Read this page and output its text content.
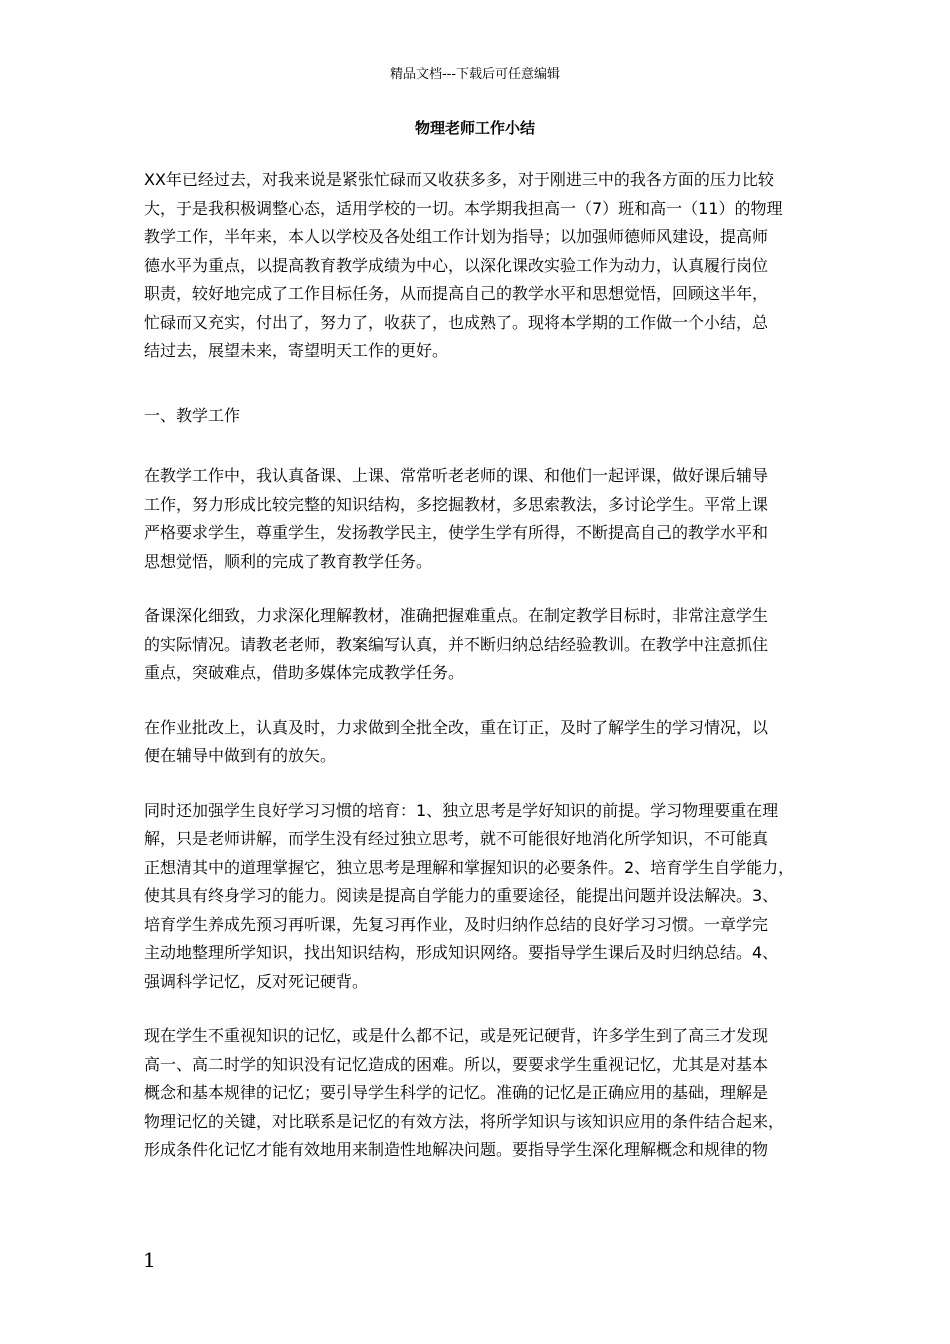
精品文档---下载后可任意编辑
物理老师工作小结
XX年已经过去，对我来说是紧张忙碌而又收获多多，对于刚进三中的我各方面的压力比较
大，于是我积极调整心态，适用学校的一切。本学期我担高一（7）班和高一（11）的物理
教学工作，半年来，本人以学校及各处组工作计划为指导；以加强师德师风建设，提高师
德水平为重点，以提高教育教学成绩为中心，以深化课改实验工作为动力，认真履行岗位
职责，较好地完成了工作目标任务，从而提高自己的教学水平和思想觉悟，回顾这半年，
忙碌而又充实，付出了，努力了，收获了，也成熟了。现将本学期的工作做一个小结，总
结过去，展望未来，寄望明天工作的更好。
一、教学工作
在教学工作中，我认真备课、上课、常常听老老师的课、和他们一起评课，做好课后辅导
工作，努力形成比较完整的知识结构，多挖掘教材，多思索教法，多讨论学生。平常上课
严格要求学生，尊重学生，发扬教学民主，使学生学有所得，不断提高自己的教学水平和
思想觉悟，顺利的完成了教育教学任务。
备课深化细致，力求深化理解教材，准确把握难重点。在制定教学目标时，非常注意学生
的实际情况。请教老老师，教案编写认真，并不断归纳总结经验教训。在教学中注意抓住
重点，突破难点，借助多媒体完成教学任务。
在作业批改上，认真及时，力求做到全批全改，重在订正，及时了解学生的学习情况，以
便在辅导中做到有的放矢。
同时还加强学生良好学习习惯的培育：1、独立思考是学好知识的前提。学习物理要重在理
解，只是老师讲解，而学生没有经过独立思考，就不可能很好地消化所学知识，不可能真
正想清其中的道理掌握它，独立思考是理解和掌握知识的必要条件。2、培育学生自学能力，
使其具有终身学习的能力。阅读是提高自学能力的重要途径，能提出问题并设法解决。3、
培育学生养成先预习再听课，先复习再作业，及时归纳作总结的良好学习习惯。一章学完
主动地整理所学知识，找出知识结构，形成知识网络。要指导学生课后及时归纳总结。4、
强调科学记忆，反对死记硬背。
现在学生不重视知识的记忆，或是什么都不记，或是死记硬背，许多学生到了高三才发现
高一、高二时学的知识没有记忆造成的困难。所以，要要求学生重视记忆，尤其是对基本
概念和基本规律的记忆；要引导学生科学的记忆。准确的记忆是正确应用的基础，理解是
物理记忆的关键，对比联系是记忆的有效方法，将所学知识与该知识应用的条件结合起来，
形成条件化记忆才能有效地用来制造性地解决问题。要指导学生深化理解概念和规律的物
1
